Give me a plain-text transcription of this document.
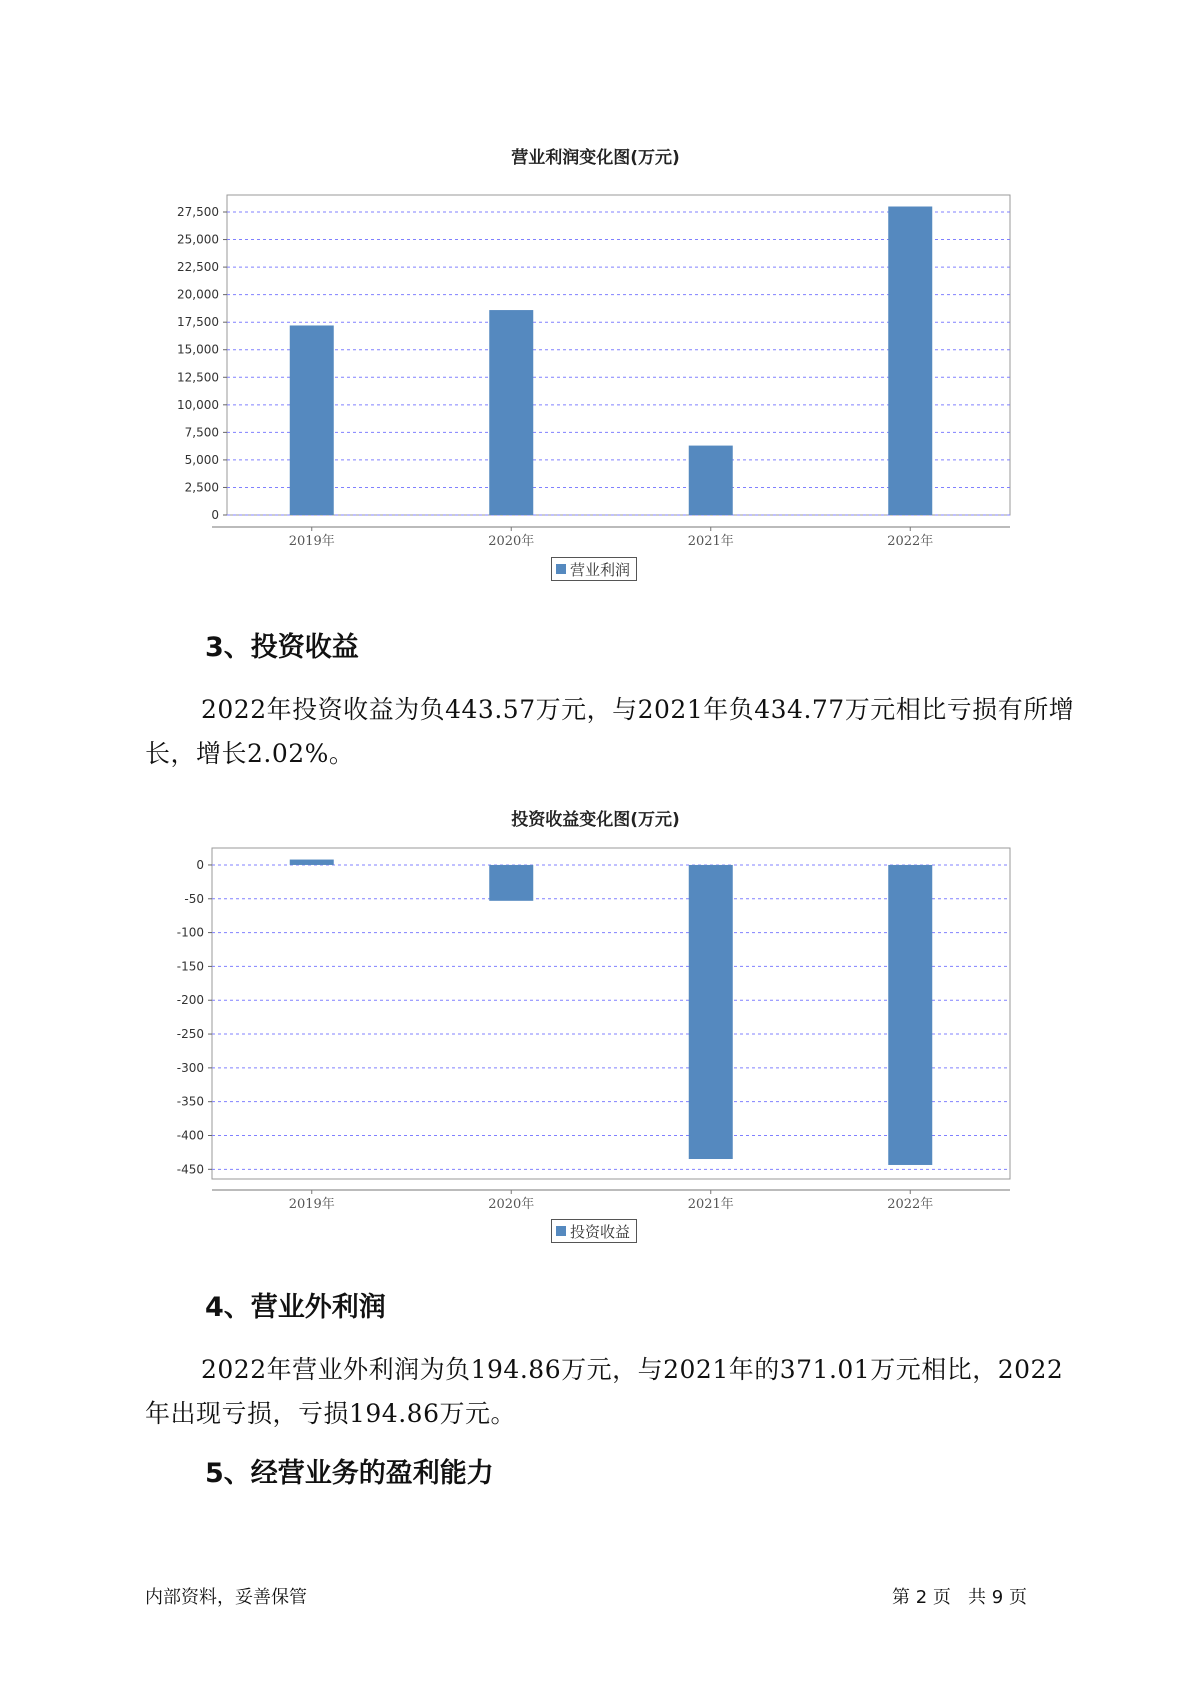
营业利润变化图(万元)
0
2,500
5,000
7,500
10,000
12,500
15,000
17,500
20,000
22,500
25,000
27,500
2019年	2020年	2021年	2022年
营业利润
3、投资收益

2022年投资收益为负443.57万元，与2021年负434.77万元相比亏损有所增长，增长2.02%。

投资收益变化图(万元)
0
-50
-100
-150
-200
-250
-300
-350
-400
-450
2019年	2020年	2021年	2022年
投资收益
4、营业外利润

2022年营业外利润为负194.86万元，与2021年的371.01万元相比，2022年出现亏损，亏损194.86万元。

5、经营业务的盈利能力
内部资料，妥善保管	第 2 页   共 9 页
